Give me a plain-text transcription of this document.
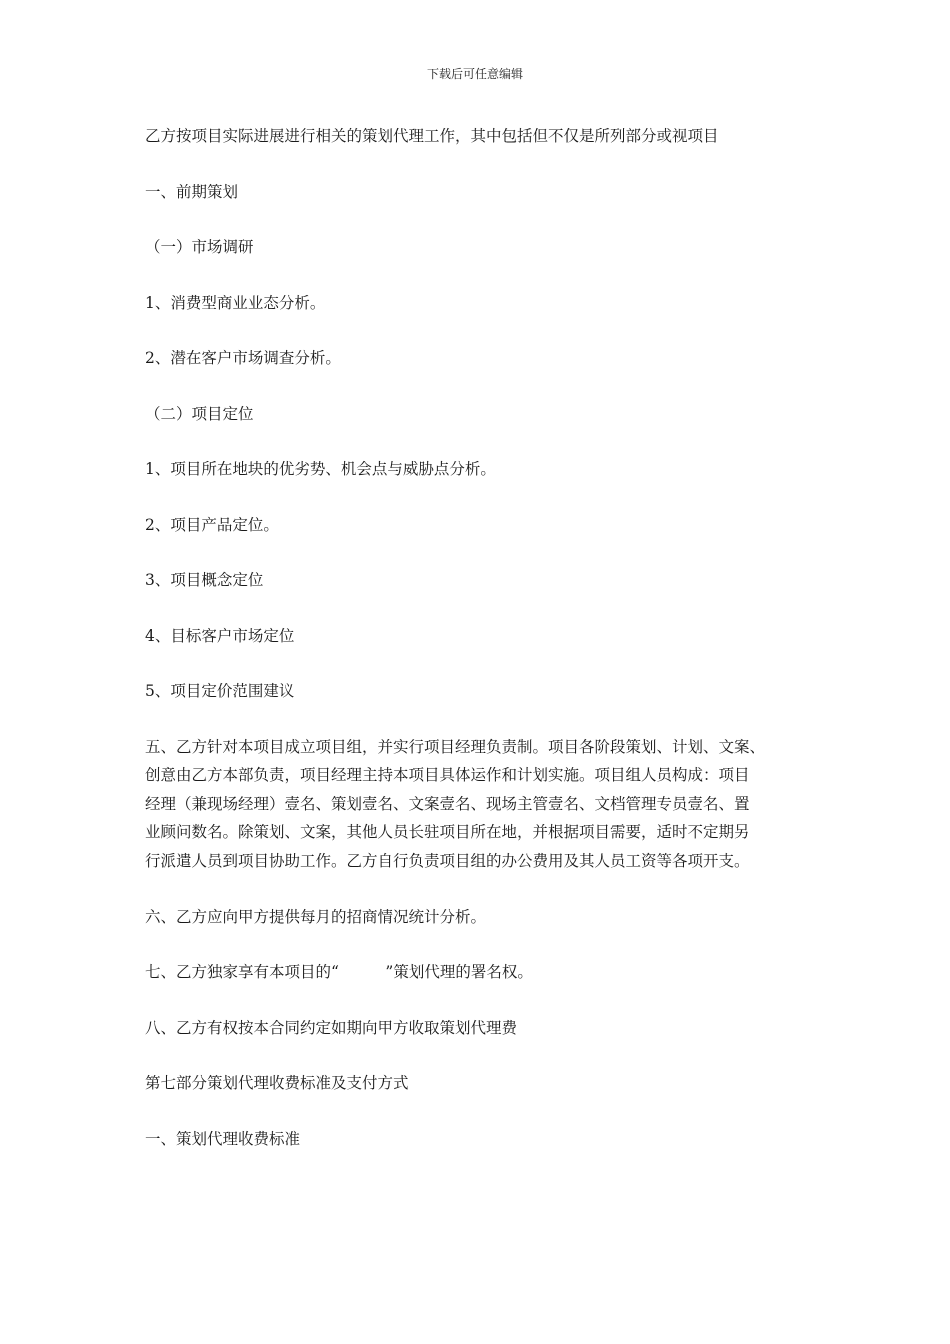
下载后可任意编辑

乙方按项目实际进展进行相关的策划代理工作，其中包括但不仅是所列部分或视项目

一、前期策划

（一）市场调研

1、消费型商业业态分析。

2、潜在客户市场调查分析。

（二）项目定位

1、项目所在地块的优劣势、机会点与威胁点分析。

2、项目产品定位。

3、项目概念定位

4、目标客户市场定位

5、项目定价范围建议

五、乙方针对本项目成立项目组，并实行项目经理负责制。项目各阶段策划、计划、文案、
创意由乙方本部负责，项目经理主持本项目具体运作和计划实施。项目组人员构成：项目
经理（兼现场经理）壹名、策划壹名、文案壹名、现场主管壹名、文档管理专员壹名、置
业顾问数名。除策划、文案，其他人员长驻项目所在地，并根据项目需要，适时不定期另
行派遣人员到项目协助工作。乙方自行负责项目组的办公费用及其人员工资等各项开支。

六、乙方应向甲方提供每月的招商情况统计分析。

七、乙方独家享有本项目的“　　　”策划代理的署名权。

八、乙方有权按本合同约定如期向甲方收取策划代理费

第七部分策划代理收费标准及支付方式

一、策划代理收费标准
